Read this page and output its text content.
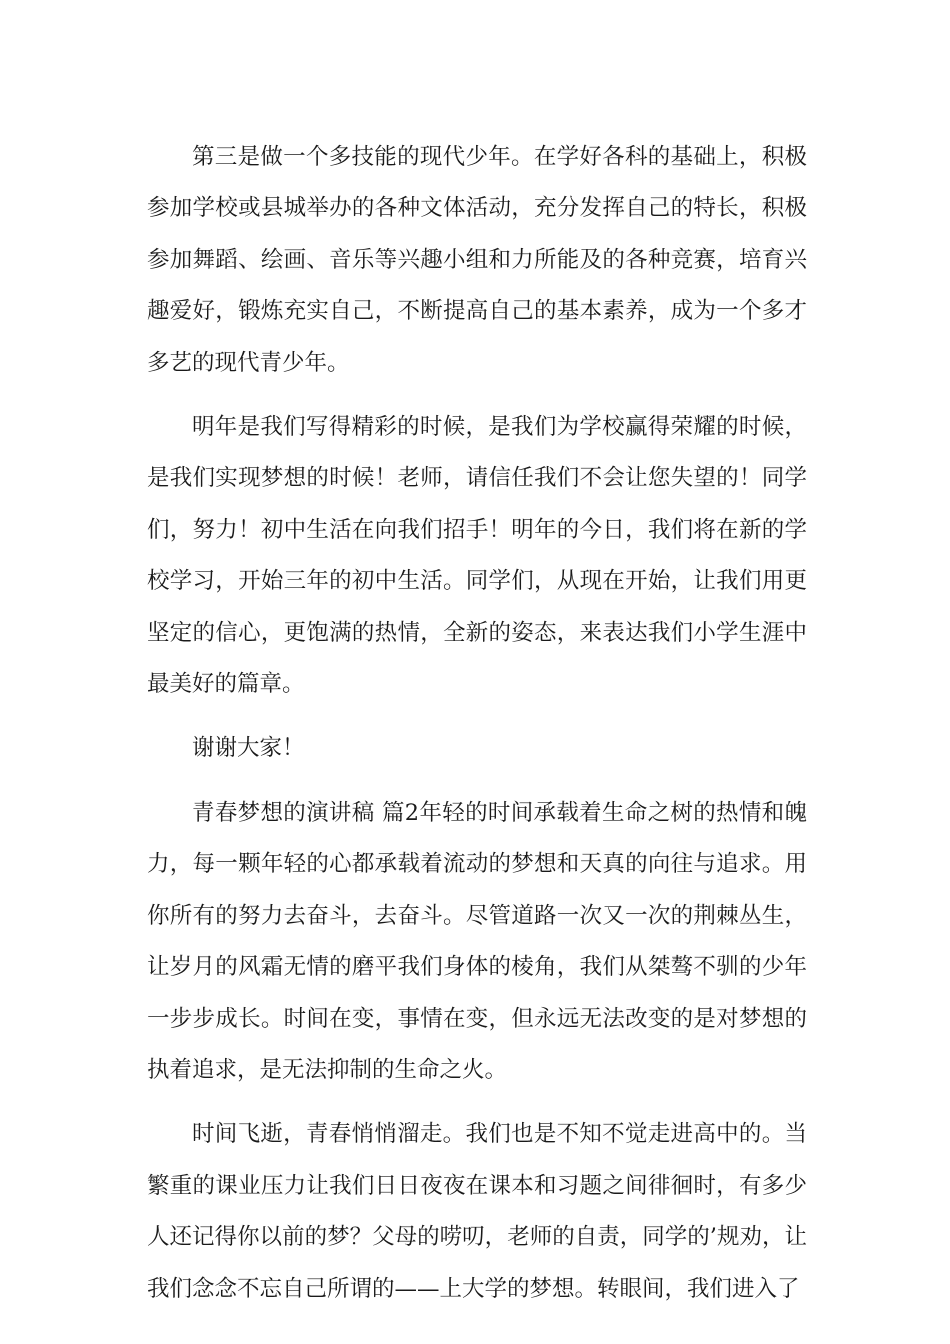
第三是做一个多技能的现代少年。在学好各科的基础上，积极参加学校或县城举办的各种文体活动，充分发挥自己的特长，积极参加舞蹈、绘画、音乐等兴趣小组和力所能及的各种竞赛，培育兴趣爱好，锻炼充实自己，不断提高自己的基本素养，成为一个多才多艺的现代青少年。

明年是我们写得精彩的时候，是我们为学校赢得荣耀的时候，是我们实现梦想的时候！老师，请信任我们不会让您失望的！同学们，努力！初中生活在向我们招手！明年的今日，我们将在新的学校学习，开始三年的初中生活。同学们，从现在开始，让我们用更坚定的信心，更饱满的热情，全新的姿态，来表达我们小学生涯中最美好的篇章。

谢谢大家！

青春梦想的演讲稿 篇2年轻的时间承载着生命之树的热情和魄力，每一颗年轻的心都承载着流动的梦想和天真的向往与追求。用你所有的努力去奋斗，去奋斗。尽管道路一次又一次的荆棘丛生，让岁月的风霜无情的磨平我们身体的棱角，我们从桀骜不驯的少年一步步成长。时间在变，事情在变，但永远无法改变的是对梦想的执着追求，是无法抑制的生命之火。

时间飞逝，青春悄悄溜走。我们也是不知不觉走进高中的。当繁重的课业压力让我们日日夜夜在课本和习题之间徘徊时，有多少人还记得你以前的梦？父母的唠叨，老师的自责，同学的’规劝，让我们念念不忘自己所谓的——上大学的梦想。转眼间，我们进入了
